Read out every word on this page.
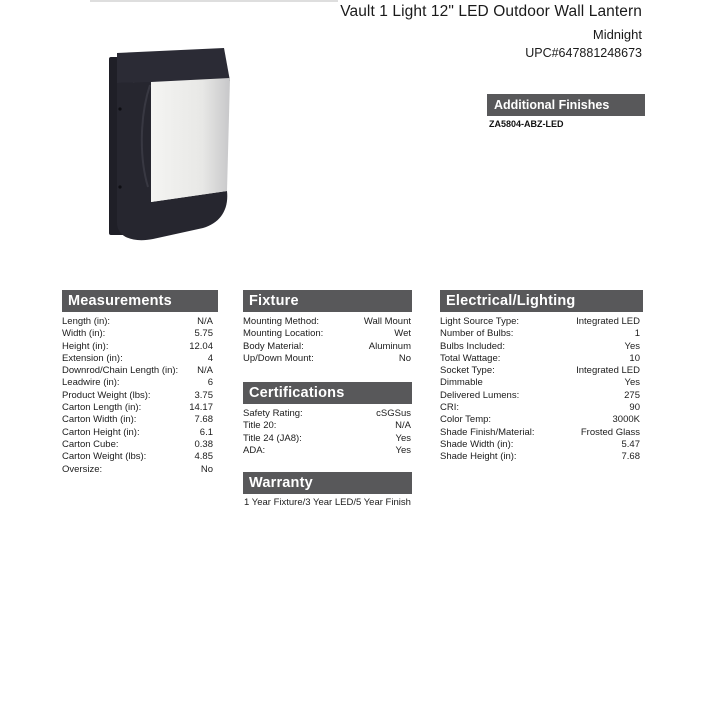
Vault 1 Light 12" LED Outdoor Wall Lantern
Midnight
UPC#647881248673
Additional Finishes
ZA5804-ABZ-LED
Measurements
Length (in):	N/A
Width (in):	5.75
Height (in):	12.04
Extension (in):	4
Downrod/Chain Length (in): N/A
Leadwire (in):	6
Product Weight (lbs):	3.75
Carton Length (in):	14.17
Carton Width (in):	7.68
Carton Height (in):	6.1
Carton Cube:	0.38
Carton Weight (lbs):	4.85
Oversize:	No
Fixture
Mounting Method:	Wall Mount
Mounting Location:	Wet
Body Material:	Aluminum
Up/Down Mount:	No
Certifications
Safety Rating:	cSGSus
Title 20:	N/A
Title 24 (JA8):	Yes
ADA:	Yes
Warranty
1 Year Fixture/3 Year LED/5 Year Finish
Electrical/Lighting
Light Source Type:	Integrated LED
Number of Bulbs:	1
Bulbs Included:	Yes
Total Wattage:	10
Socket Type:	Integrated LED
Dimmable	Yes
Delivered Lumens:	275
CRI:	90
Color Temp:	3000K
Shade Finish/Material:	Frosted Glass
Shade Width (in):	5.47
Shade Height (in):	7.68
